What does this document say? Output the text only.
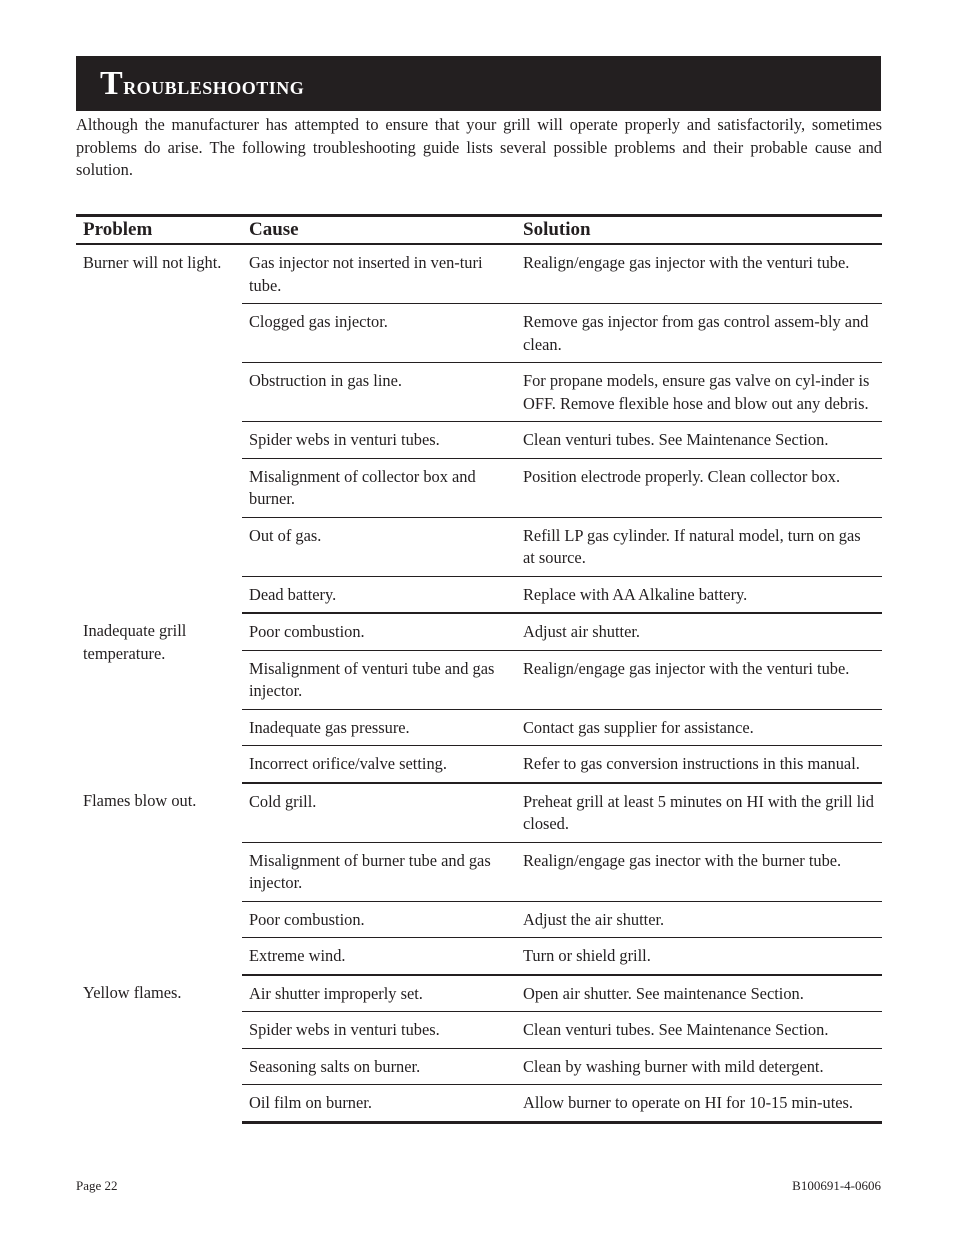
Troubleshooting

Although the manufacturer has attempted to ensure that your grill will operate properly and satisfactorily, sometimes problems do arise. The following troubleshooting guide lists several possible problems and their probable cause and solution.

Problem	Cause	Solution
Burner will not light.	Gas injector not inserted in ven-turi tube.	Realign/engage gas injector with the venturi tube.
	Clogged gas injector.	Remove gas injector from gas control assem-bly and clean.
	Obstruction in gas line.	For propane models, ensure gas valve on cyl-inder is OFF. Remove flexible hose and blow out any debris.
	Spider webs in venturi tubes.	Clean venturi tubes. See Maintenance Section.
	Misalignment of collector box and burner.	Position electrode properly. Clean collector box.
	Out of gas.	Refill LP gas cylinder. If natural model, turn on gas at source.
	Dead battery.	Replace with AA Alkaline battery.
Inadequate grill temperature.	Poor combustion.	Adjust air shutter.
	Misalignment of venturi tube and gas injector.	Realign/engage gas injector with the venturi tube.
	Inadequate gas pressure.	Contact gas supplier for assistance.
	Incorrect orifice/valve setting.	Refer to gas conversion instructions in this manual.
Flames blow out.	Cold grill.	Preheat grill at least 5 minutes on HI with the grill lid closed.
	Misalignment of burner tube and gas injector.	Realign/engage gas inector with the burner tube.
	Poor combustion.	Adjust the air shutter.
	Extreme wind.	Turn or shield grill.
Yellow flames.	Air shutter improperly set.	Open air shutter. See maintenance Section.
	Spider webs in venturi tubes.	Clean venturi tubes. See Maintenance Section.
	Seasoning salts on burner.	Clean by washing burner with mild detergent.
	Oil film on burner.	Allow burner to operate on HI for 10-15 min-utes.
Page 22	B100691-4-0606
